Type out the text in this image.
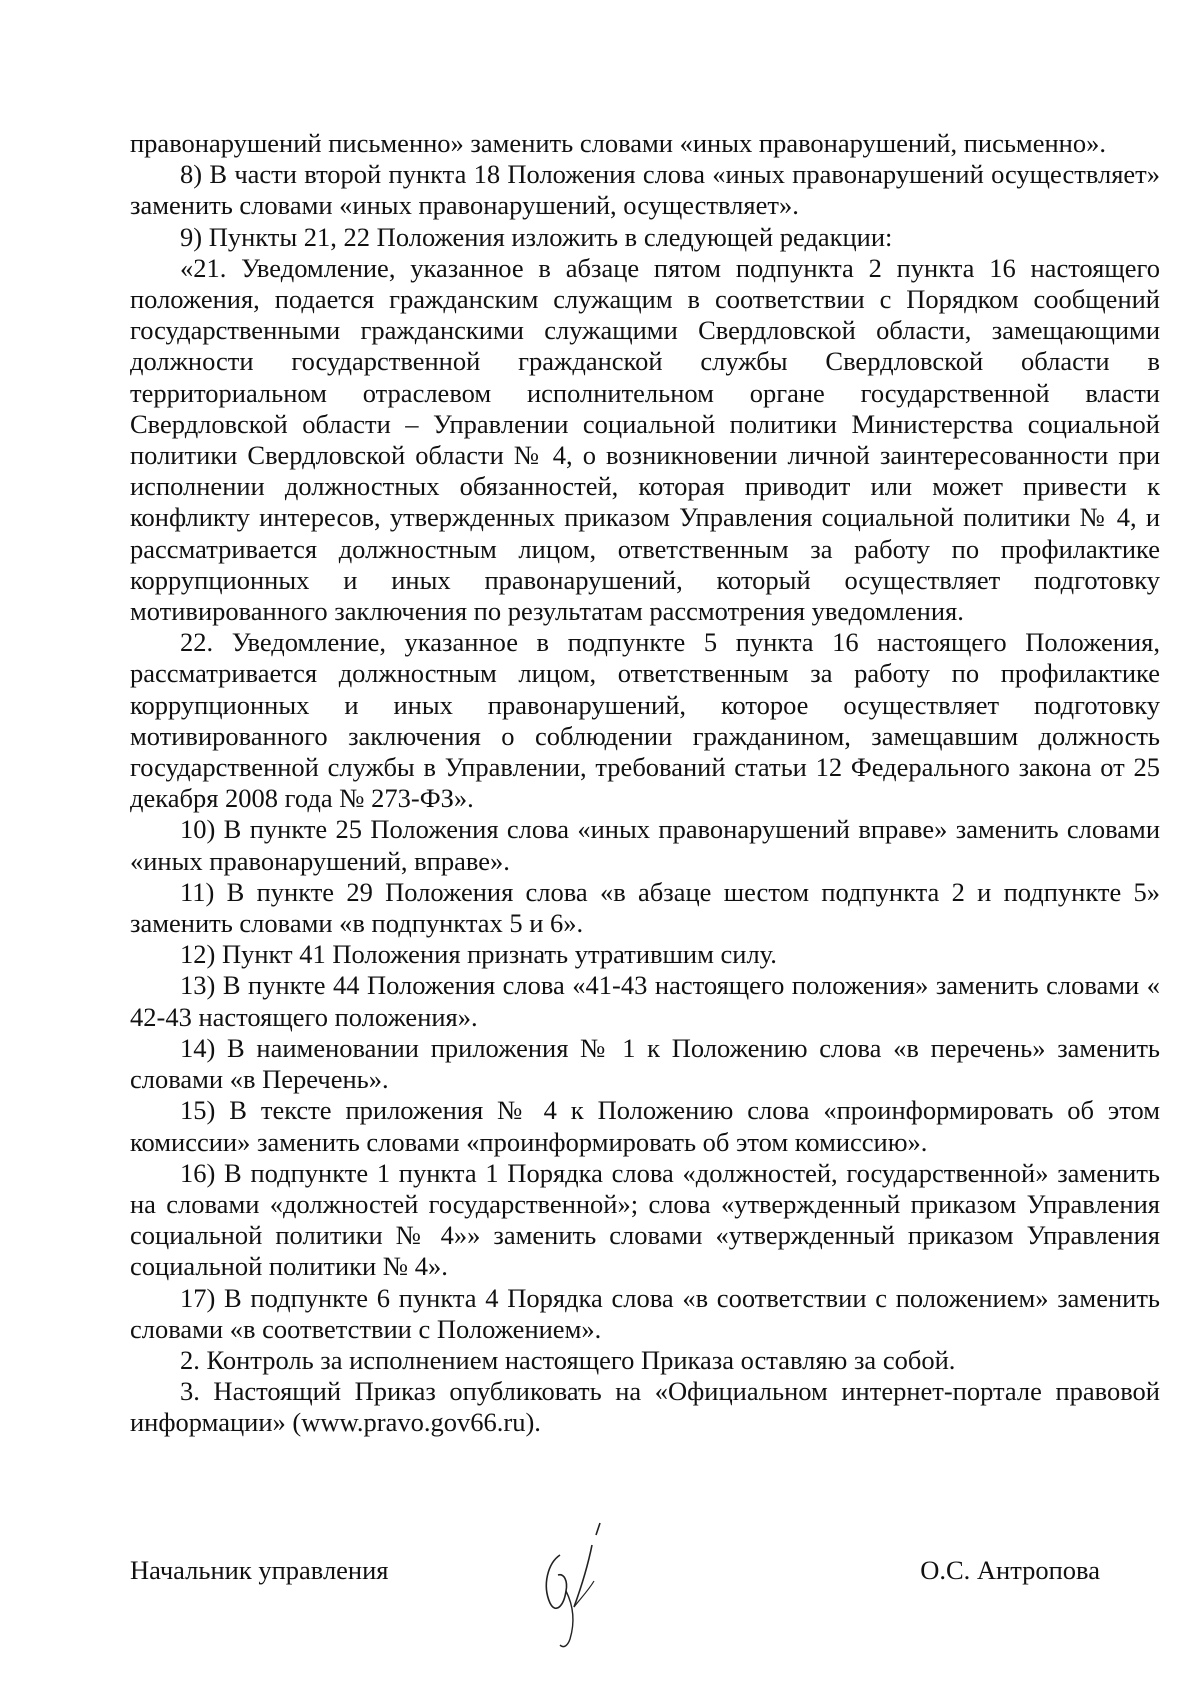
правонарушений письменно» заменить словами «иных правонарушений, письменно».

8) В части второй пункта 18 Положения слова «иных правонарушений осуществляет» заменить словами «иных правонарушений, осуществляет».

9) Пункты 21, 22 Положения изложить в следующей редакции:

«21. Уведомление, указанное в абзаце пятом подпункта 2 пункта 16 настоящего положения, подается гражданским служащим в соответствии с Порядком сообщений государственными гражданскими служащими Свердловской области, замещающими должности государственной гражданской службы Свердловской области в территориальном отраслевом исполнительном органе государственной власти Свердловской области – Управлении социальной политики Министерства социальной политики Свердловской области № 4, о возникновении личной заинтересованности при исполнении должностных обязанностей, которая приводит или может привести к конфликту интересов, утвержденных приказом Управления социальной политики № 4, и рассматривается должностным лицом, ответственным за работу по профилактике коррупционных и иных правонарушений, который осуществляет подготовку мотивированного заключения по результатам рассмотрения уведомления.

22. Уведомление, указанное в подпункте 5 пункта 16 настоящего Положения, рассматривается должностным лицом, ответственным за работу по профилактике коррупционных и иных правонарушений, которое осуществляет подготовку мотивированного заключения о соблюдении гражданином, замещавшим должность государственной службы в Управлении, требований статьи 12 Федерального закона от 25 декабря 2008 года № 273-ФЗ».

10) В пункте 25 Положения слова «иных правонарушений вправе» заменить словами «иных правонарушений, вправе».

11) В пункте 29 Положения слова «в абзаце шестом подпункта 2 и подпункте 5» заменить словами «в подпунктах 5 и 6».

12) Пункт 41 Положения признать утратившим силу.

13) В пункте 44 Положения слова «41-43 настоящего положения» заменить словами « 42-43 настоящего положения».

14) В наименовании приложения № 1 к Положению слова «в перечень» заменить словами «в Перечень».

15) В тексте приложения № 4 к Положению слова «проинформировать об этом комиссии» заменить словами «проинформировать об этом комиссию».

16) В подпункте 1 пункта 1 Порядка слова «должностей, государственной» заменить на словами «должностей государственной»; слова «утвержденный приказом Управления социальной политики № 4»» заменить словами «утвержденный приказом Управления социальной политики № 4».

17) В подпункте 6 пункта 4 Порядка слова «в соответствии с положением» заменить словами «в соответствии с Положением».

2. Контроль за исполнением настоящего Приказа оставляю за собой.

3. Настоящий Приказ опубликовать на «Официальном интернет-портале правовой информации» (www.pravo.gov66.ru).

Начальник управления	О.С. Антропова
